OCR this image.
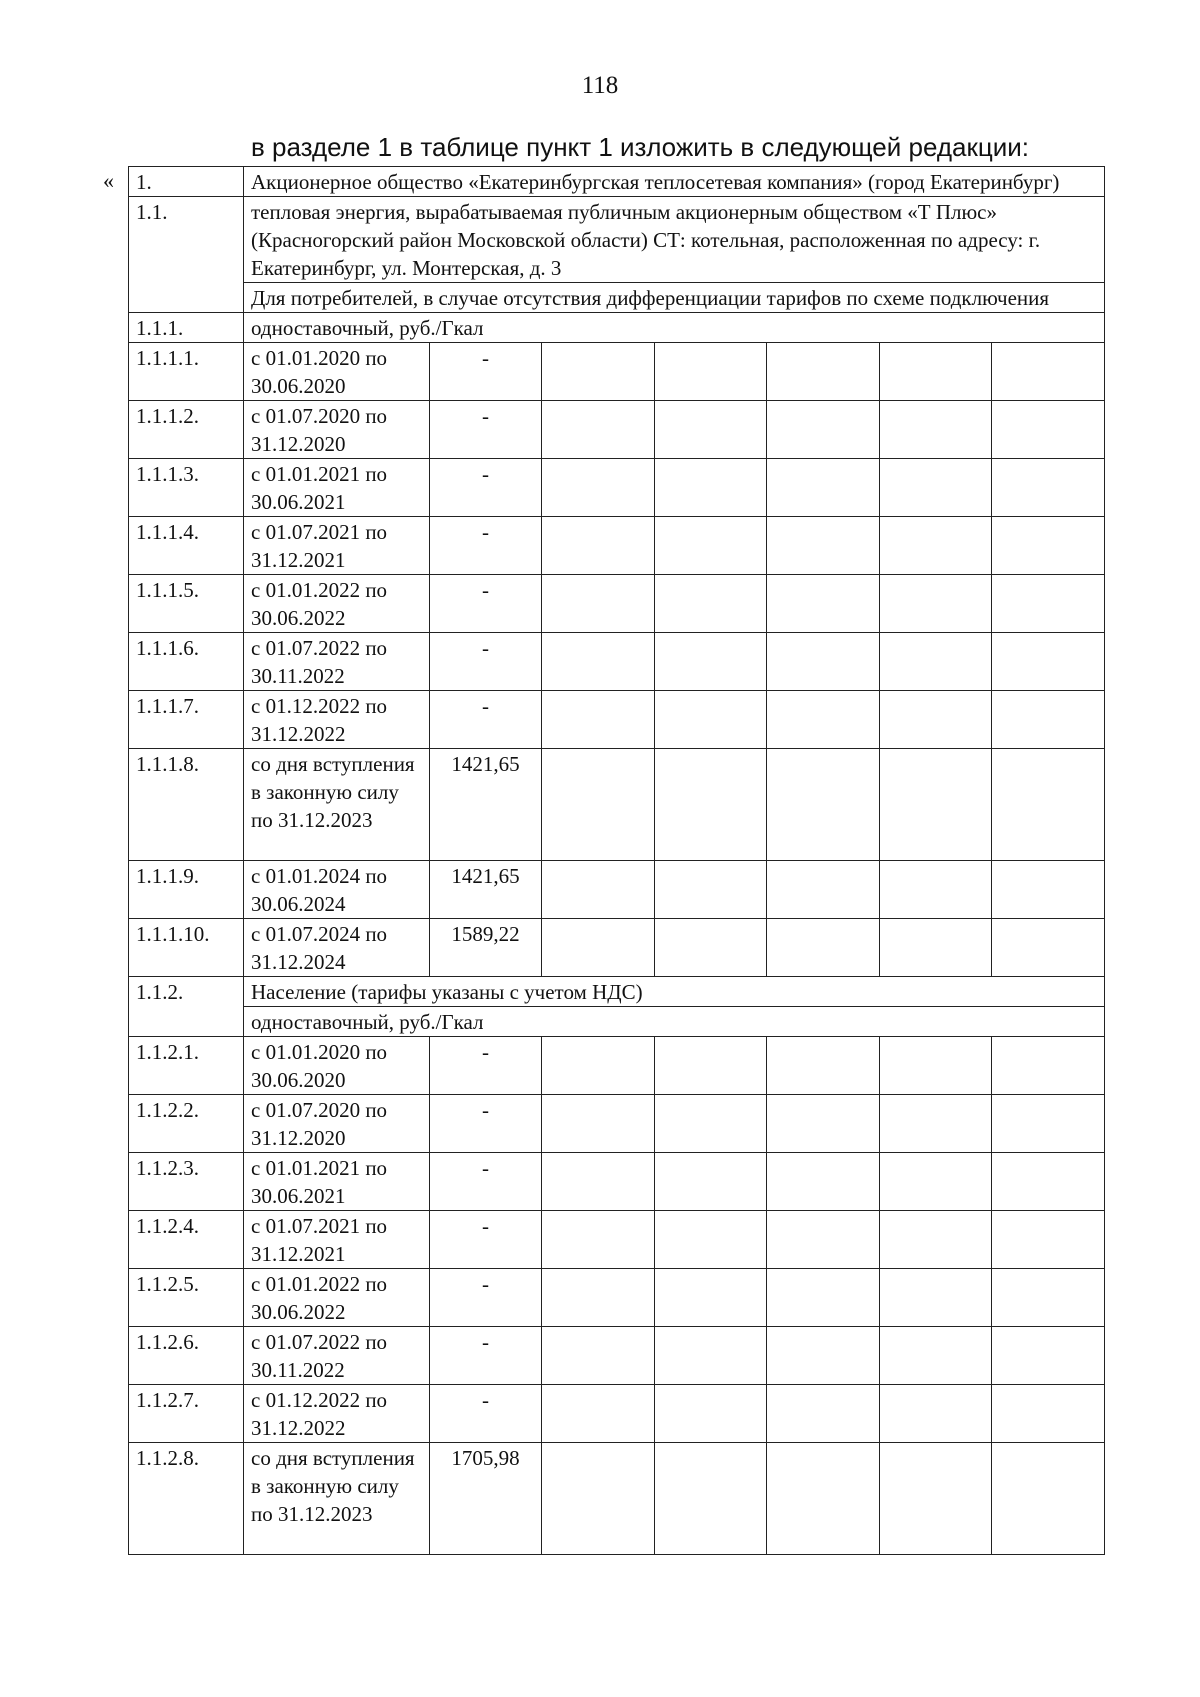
118
в разделе 1 в таблице пункт 1 изложить в следующей редакции:
« 1.	Акционерное общество «Екатеринбургская теплосетевая компания» (город Екатеринбург)						
1.1.	тепловая энергия, вырабатываемая публичным акционерным обществом «Т Плюс» (Красногорский район Московской области) СТ: котельная, расположенная по адресу: г. Екатеринбург, ул. Монтерская, д. 3						
	Для потребителей, в случае отсутствия дифференциации тарифов по схеме подключения						
1.1.1.	одноставочный, руб./Гкал						
1.1.1.1.	с 01.01.2020 по 30.06.2020	-					
1.1.1.2.	с 01.07.2020 по 31.12.2020	-					
1.1.1.3.	с 01.01.2021 по 30.06.2021	-					
1.1.1.4.	с 01.07.2021 по 31.12.2021	-					
1.1.1.5.	с 01.01.2022 по 30.06.2022	-					
1.1.1.6.	с 01.07.2022 по 30.11.2022	-					
1.1.1.7.	с 01.12.2022 по 31.12.2022	-					
1.1.1.8.	со дня вступления в законную силу по 31.12.2023	1421,65					
1.1.1.9.	с 01.01.2024 по 30.06.2024	1421,65					
1.1.1.10.	с 01.07.2024 по 31.12.2024	1589,22					
1.1.2.	Население (тарифы указаны с учетом НДС)						
	одноставочный, руб./Гкал						
1.1.2.1.	с 01.01.2020 по 30.06.2020	-					
1.1.2.2.	с 01.07.2020 по 31.12.2020	-					
1.1.2.3.	с 01.01.2021 по 30.06.2021	-					
1.1.2.4.	с 01.07.2021 по 31.12.2021	-					
1.1.2.5.	с 01.01.2022 по 30.06.2022	-					
1.1.2.6.	с 01.07.2022 по 30.11.2022	-					
1.1.2.7.	с 01.12.2022 по 31.12.2022	-					
1.1.2.8.	со дня вступления в законную силу по 31.12.2023	1705,98					
